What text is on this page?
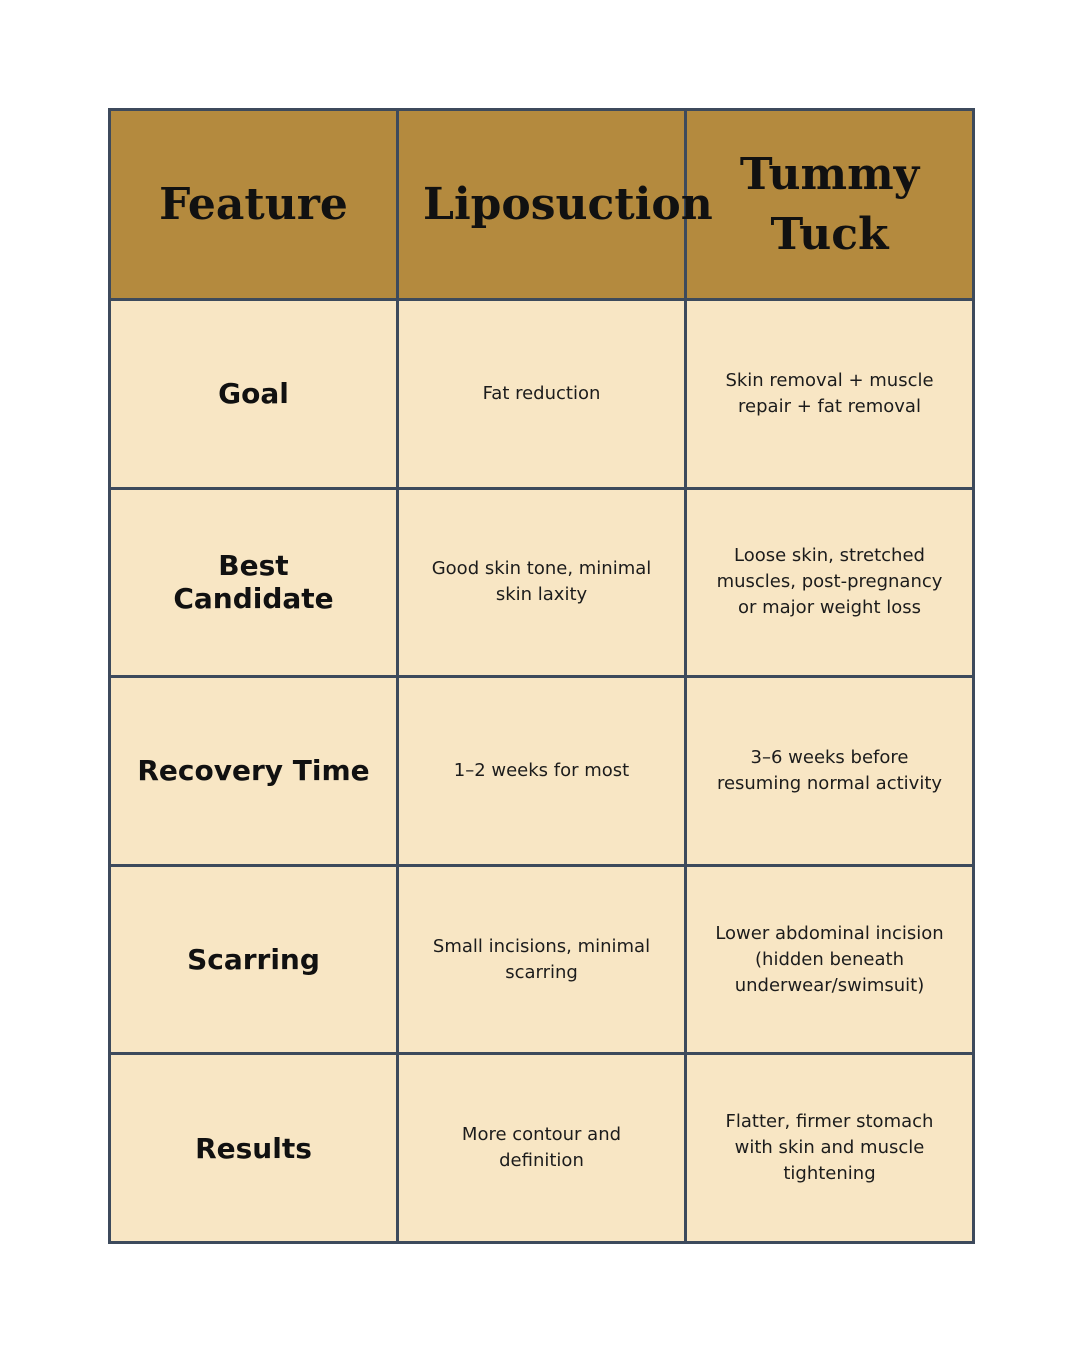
Feature	Liposuction	Tummy Tuck
Goal	Fat reduction	Skin removal + muscle repair + fat removal
Best Candidate	Good skin tone, minimal skin laxity	Loose skin, stretched muscles, post-pregnancy or major weight loss
Recovery Time	1–2 weeks for most	3–6 weeks before resuming normal activity
Scarring	Small incisions, minimal scarring	Lower abdominal incision (hidden beneath underwear/swimsuit)
Results	More contour and definition	Flatter, firmer stomach with skin and muscle tightening
